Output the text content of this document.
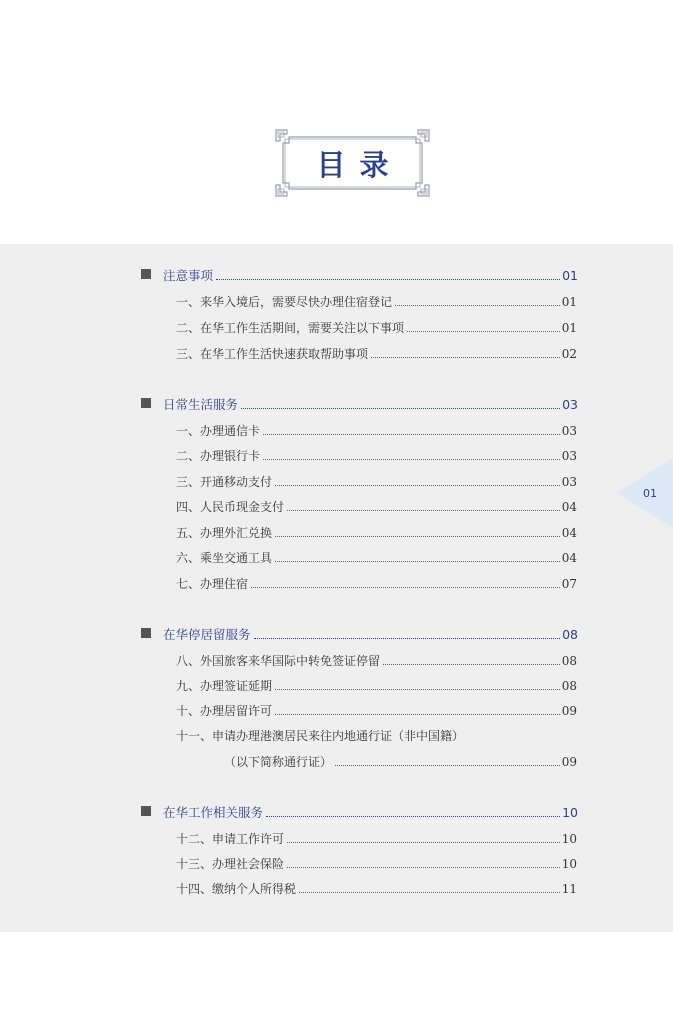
目录
01
注意事项	01
一、来华入境后，需要尽快办理住宿登记	01
二、在华工作生活期间，需要关注以下事项	01
三、在华工作生活快速获取帮助事项	02
日常生活服务	03
一、办理通信卡	03
二、办理银行卡	03
三、开通移动支付	03
四、人民币现金支付	04
五、办理外汇兑换	04
六、乘坐交通工具	04
七、办理住宿	07
在华停居留服务	08
八、外国旅客来华国际中转免签证停留	08
九、办理签证延期	08
十、办理居留许可	09
十一、申请办理港澳居民来往内地通行证（非中国籍）
（以下简称通行证）	09
在华工作相关服务	10
十二、申请工作许可	10
十三、办理社会保险	10
十四、缴纳个人所得税	11
